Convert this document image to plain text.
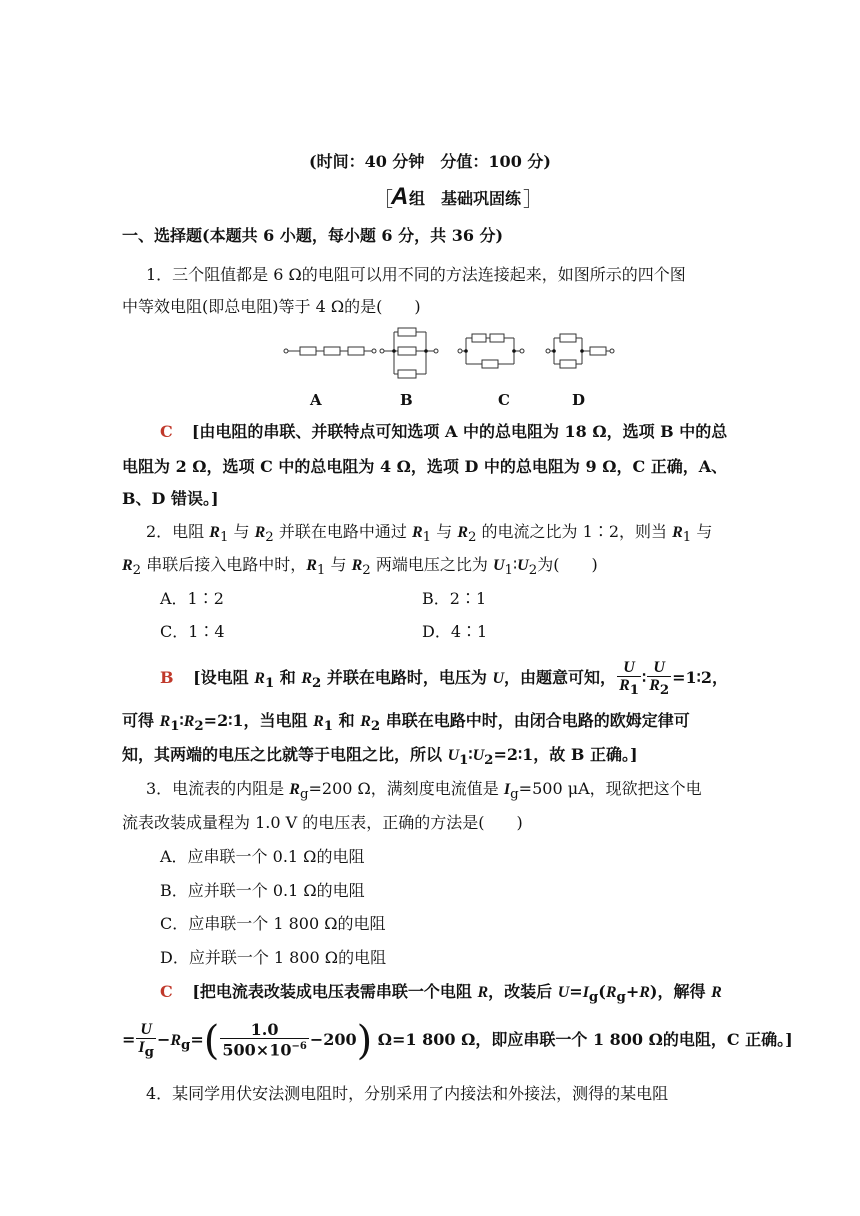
(时间：40 分钟　分值：100 分)
［
A 组　基础巩固练 ］
一、选择题(本题共 6 小题，每小题 6 分，共 36 分)
1．三个阻值都是 6 Ω的电阻可以用不同的方法连接起来，如图所示的四个图
中等效电阻(即总电阻)等于 4 Ω的是(　　)
A	B	C	D
C [由电阻的串联、并联特点可知选项 A 中的总电阻为 18 Ω，选项 B 中的总
电阻为 2 Ω，选项 C 中的总电阻为 4 Ω，选项 D 中的总电阻为 9 Ω，C 正确，A、
B、D 错误。]
2．电阻 $R_1$ 与 $R_2$ 并联在电路中通过 $R_1$ 与 $R_2$ 的电流之比为 1∶2，则当 $R_1$ 与
$R_2$ 串联后接入电路中时，$R_1$ 与 $R_2$ 两端电压之比为 $U_1∶U_2$为(　　)
A．1∶2	B．2∶1
C．1∶4	D．4∶1
B [设电阻 $R_1$ 和 $R_2$ 并联在电路时，电压为 U，由题意可知， $\frac{U}{R_1}$ ∶ $\frac{U}{R_2}$ =1∶2，
可得 $R_1∶R_2=2∶1$，当电阻 $R_1$ 和 $R_2$ 串联在电路中时，由闭合电路的欧姆定律可
知，其两端的电压之比就等于电阻之比，所以 $U_1∶U_2=2∶1$，故 B 正确。]
3．电流表的内阻是 $R_g=200$ Ω，满刻度电流值是 $I_g=500$ μA，现欲把这个电
流表改装成量程为 1.0 V 的电压表，正确的方法是(　　)
A．应串联一个 0.1 Ω的电阻
B．应并联一个 0.1 Ω的电阻
C．应串联一个 1 800 Ω的电阻
D．应并联一个 1 800 Ω的电阻
C [把电流表改装成电压表需串联一个电阻 R，改装后 $U=I_g(R_g+R)$，解得 R
= $\frac{U}{I_g} -R_g=( \frac{1.0}{500\times 10^{-6}} -200)$ Ω=1 800 Ω，即应串联一个 1 800 Ω的电阻，C 正确。]
4．某同学用伏安法测电阻时，分别采用了内接法和外接法，测得的某电阻
